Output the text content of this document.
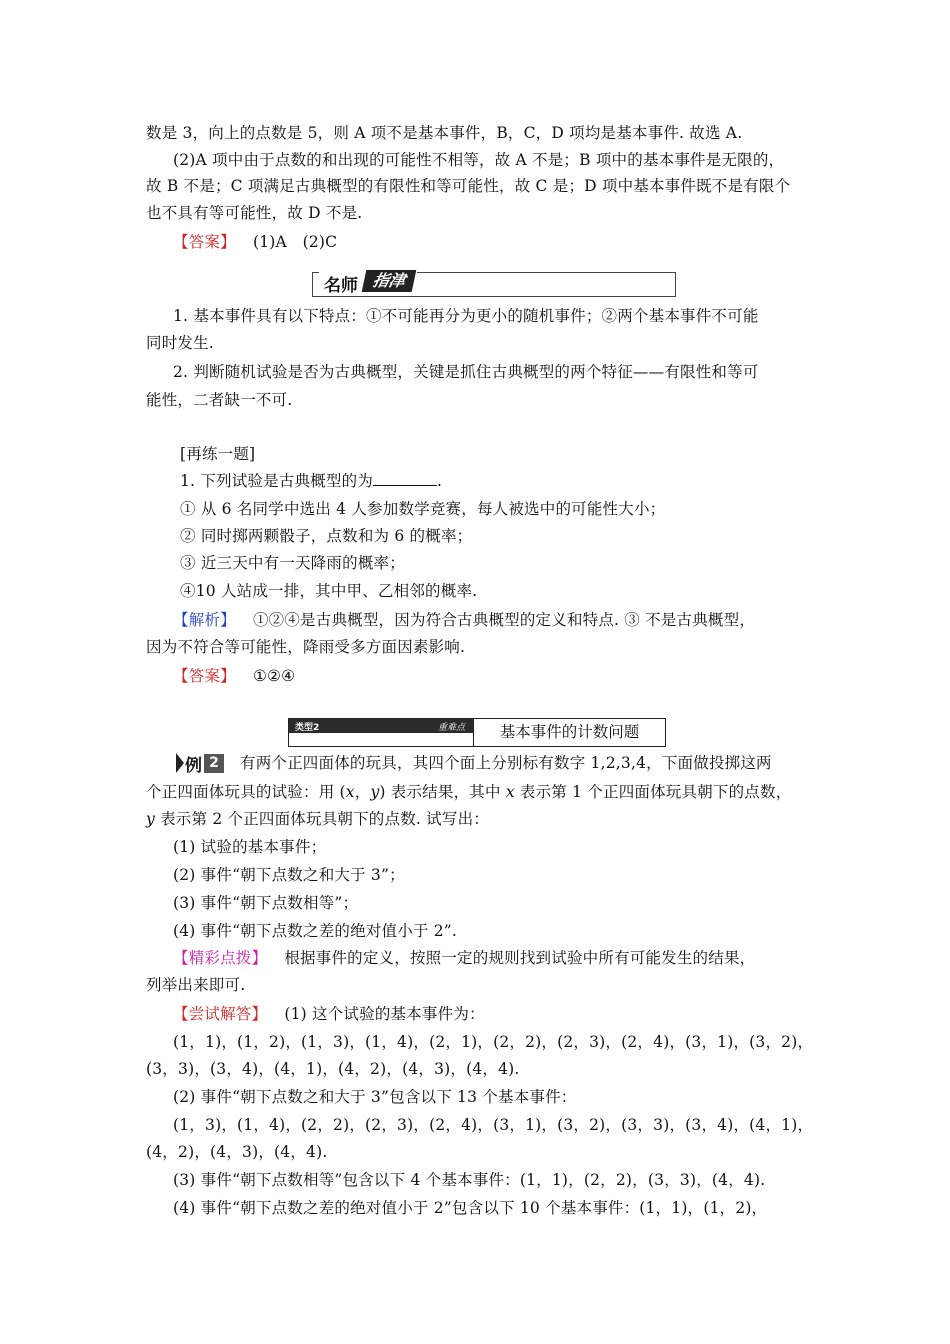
数是 3，向上的点数是 5，则 A 项不是基本事件，B，C，D 项均是基本事件. 故选 A.
(2)A 项中由于点数的和出现的可能性不相等，故 A 不是；B 项中的基本事件是无限的，
故 B 不是；C 项满足古典概型的有限性和等可能性，故 C 是；D 项中基本事件既不是有限个
也不具有等可能性，故 D 不是.
【答案】 (1)A　(2)C
名师 指津
1. 基本事件具有以下特点：①不可能再分为更小的随机事件；②两个基本事件不可能
同时发生.
2. 判断随机试验是否为古典概型，关键是抓住古典概型的两个特征——有限性和等可
能性，二者缺一不可.
[再练一题]
1. 下列试验是古典概型的为	.
① 从 6 名同学中选出 4 人参加数学竞赛，每人被选中的可能性大小；
② 同时掷两颗骰子，点数和为 6 的概率；
③ 近三天中有一天降雨的概率；
④10 人站成一排，其中甲、乙相邻的概率.
【解析】 ①②④是古典概型，因为符合古典概型的定义和特点. ③ 不是古典概型，
因为不符合等可能性，降雨受多方面因素影响.
【答案】 ①②④
类型2	重难点	基本事件的计数问题
例 2	有两个正四面体的玩具，其四个面上分别标有数字 1,2,3,4，下面做投掷这两
个正四面体玩具的试验：用 (x，y) 表示结果，其中 x 表示第 1 个正四面体玩具朝下的点数，
y 表示第 2 个正四面体玩具朝下的点数. 试写出：
(1) 试验的基本事件；
(2) 事件“朝下点数之和大于 3”；
(3) 事件“朝下点数相等”；
(4) 事件“朝下点数之差的绝对值小于 2”.
【精彩点拨】 根据事件的定义，按照一定的规则找到试验中所有可能发生的结果，
列举出来即可.
【尝试解答】 (1) 这个试验的基本事件为：
(1，1)，(1，2)，(1，3)，(1，4)，(2，1)，(2，2)，(2，3)，(2，4)，(3，1)，(3，2)，
(3，3)，(3，4)，(4，1)，(4，2)，(4，3)，(4，4).
(2) 事件“朝下点数之和大于 3”包含以下 13 个基本事件：
(1，3)，(1，4)，(2，2)，(2，3)，(2，4)，(3，1)，(3，2)，(3，3)，(3，4)，(4，1)，
(4，2)，(4，3)，(4，4).
(3) 事件“朝下点数相等”包含以下 4 个基本事件：(1，1)，(2，2)，(3，3)，(4，4).
(4) 事件“朝下点数之差的绝对值小于 2”包含以下 10 个基本事件：(1，1)，(1，2)，
